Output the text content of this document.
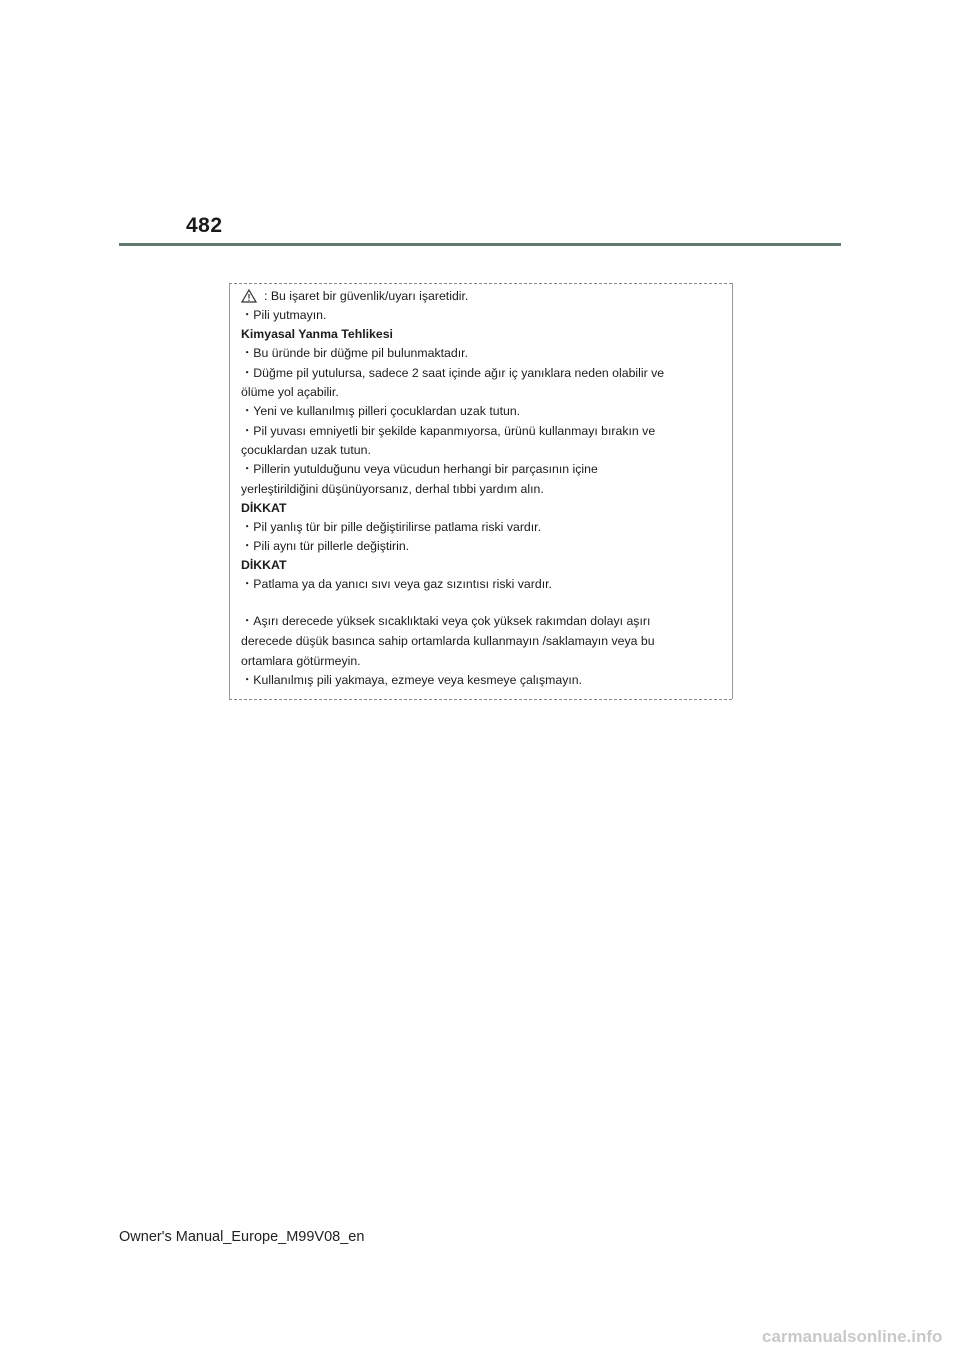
482
: Bu işaret bir güvenlik/uyarı işaretidir.
・Pili yutmayın.
Kimyasal Yanma Tehlikesi
・Bu üründe bir düğme pil bulunmaktadır.
・Düğme pil yutulursa, sadece 2 saat içinde ağır iç yanıklara neden olabilir ve
ölüme yol açabilir.
・Yeni ve kullanılmış pilleri çocuklardan uzak tutun.
・Pil yuvası emniyetli bir şekilde kapanmıyorsa, ürünü kullanmayı bırakın ve
çocuklardan uzak tutun.
・Pillerin yutulduğunu veya vücudun herhangi bir parçasının içine
yerleştirildiğini düşünüyorsanız, derhal tıbbi yardım alın.
DİKKAT
・Pil yanlış tür bir pille değiştirilirse patlama riski vardır.
・Pili aynı tür pillerle değiştirin.
DİKKAT
・Patlama ya da yanıcı sıvı veya gaz sızıntısı riski vardır.
・Aşırı derecede yüksek sıcaklıktaki veya çok yüksek rakımdan dolayı aşırı
derecede düşük basınca sahip ortamlarda kullanmayın /saklamayın veya bu
ortamlara götürmeyin.
・Kullanılmış pili yakmaya, ezmeye veya kesmeye çalışmayın.
Owner's Manual_Europe_M99V08_en
carmanualsonline.info
